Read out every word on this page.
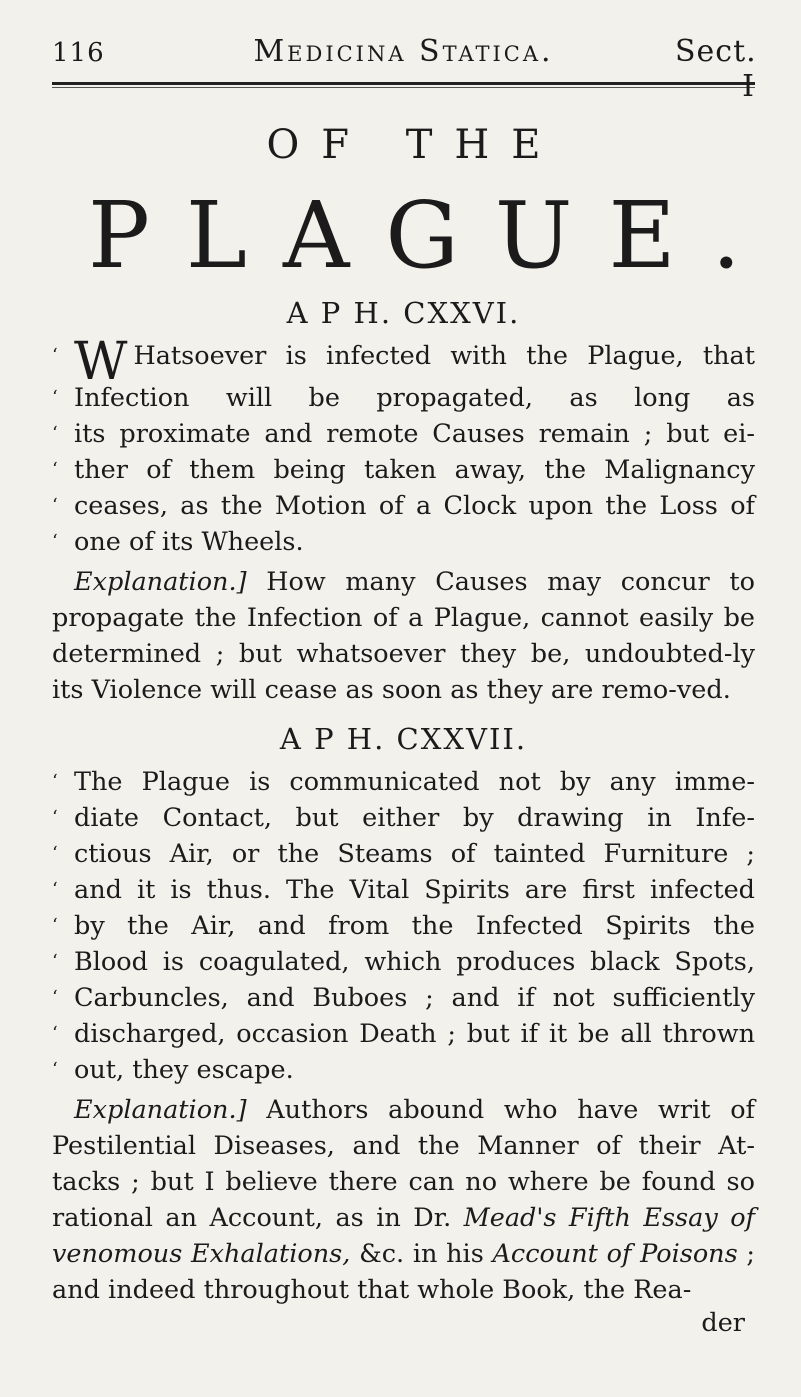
116	Medicina Statica.	Sect. I
OF THE
PLAGUE.
A P H. CXXVI.
‘ W Hatsoever is infected with the Plague, that
‘ Infection will be propagated, as long as
‘ its proximate and remote Causes remain ; but ei-
‘ ther of them being taken away, the Malignancy
‘ ceases, as the Motion of a Clock upon the Loss of
‘ one of its Wheels.
Explanation.] How many Causes may concur to propagate the Infection of a Plague, cannot easily be determined ; but whatsoever they be, undoubted-ly its Violence will cease as soon as they are remo-ved.
A P H. CXXVII.
‘ The Plague is communicated not by any imme-
‘ diate Contact, but either by drawing in Infe-
‘ ctious Air, or the Steams of tainted Furniture ;
‘ and it is thus. The Vital Spirits are first infected
‘ by the Air, and from the Infected Spirits the
‘ Blood is coagulated, which produces black Spots,
‘ Carbuncles, and Buboes ; and if not sufficiently
‘ discharged, occasion Death ; but if it be all thrown
‘ out, they escape.
Explanation.] Authors abound who have writ of Pestilential Diseases, and the Manner of their At-tacks ; but I believe there can no where be found so rational an Account, as in Dr. Mead's Fifth Essay of venomous Exhalations, &c. in his Account of Poisons ; and indeed throughout that whole Book, the Rea-
der
